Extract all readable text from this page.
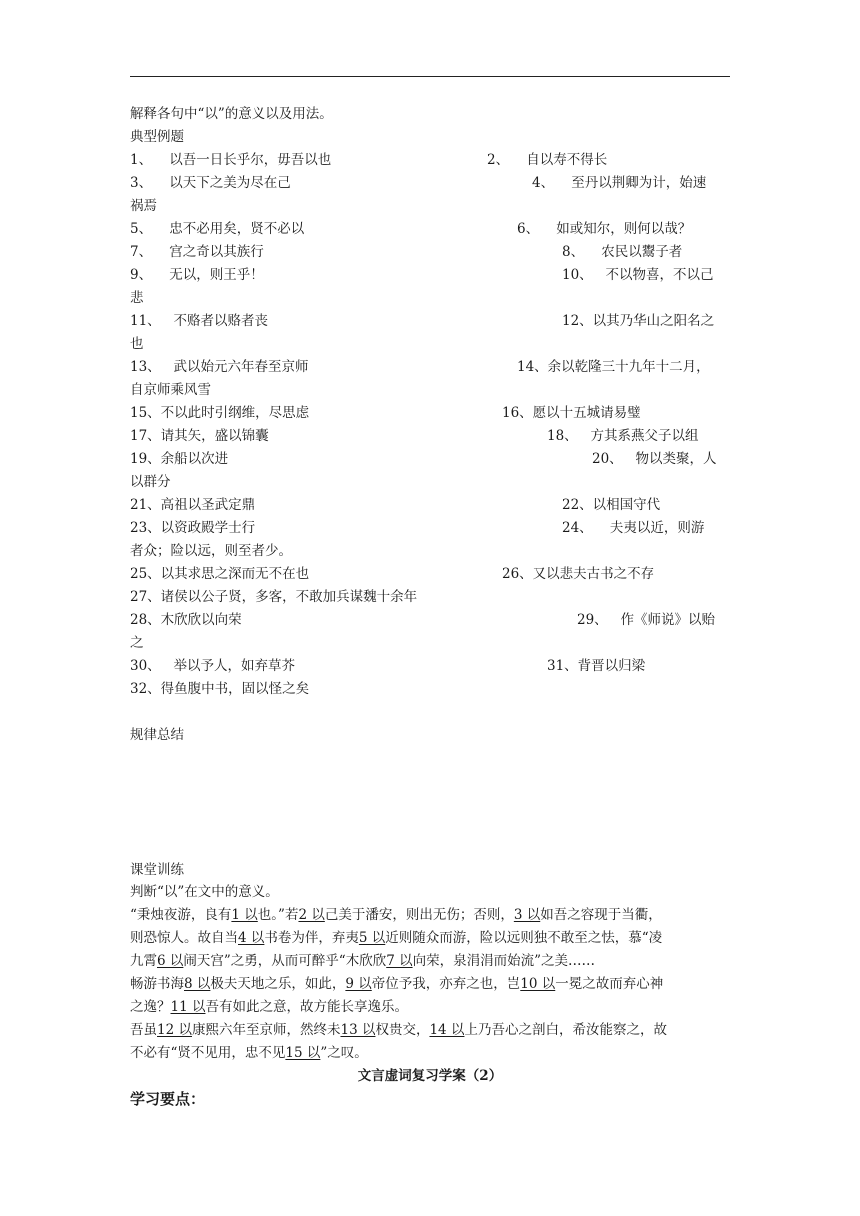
解释各句中“以”的意义以及用法。
典型例题
1、    以吾一日长乎尔，毋吾以也	2、    自以寿不得长
3、    以天下之美为尽在己	4、    至丹以荆卿为计，始速
祸焉
5、    忠不必用矣，贤不必以	6、    如或知尔，则何以哉？
7、    宫之奇以其族行	8、    农民以鬻子者
9、    无以，则王乎！	10、   不以物喜，不以己
悲
11、   不赂者以赂者丧	12、以其乃华山之阳名之
也
13、   武以始元六年春至京师	14、余以乾隆三十九年十二月，
自京师乘风雪
15、不以此时引纲维，尽思虑	16、愿以十五城请易璧
17、请其矢，盛以锦囊	18、   方其系燕父子以组
19、余船以次进	20、   物以类聚，人
以群分
21、高祖以圣武定鼎	22、以相国守代
23、以资政殿学士行	24、    夫夷以近，则游
者众；险以远，则至者少。
25、以其求思之深而无不在也	26、又以悲夫古书之不存
27、诸侯以公子贤，多客，不敢加兵谋魏十余年
28、木欣欣以向荣	29、   作《师说》以贻
之
30、   举以予人，如弃草芥	31、背晋以归梁
32、得鱼腹中书，固以怪之矣
规律总结
课堂训练
判断“以”在文中的意义。
“秉烛夜游，良有1 以也。”若2 以己美于潘安，则出无伤；否则，3 以如吾之容现于当衢，
则恐惊人。故自当4 以书卷为伴，弃夷5 以近则随众而游，险以远则独不敢至之怯，慕“凌
九霄6 以闹天宫”之勇，从而可醉乎“木欣欣7 以向荣，泉涓涓而始流”之美……
畅游书海8 以极夫天地之乐，如此，9 以帝位予我，亦弃之也，岂10 以一冕之故而弃心神
之逸？11 以吾有如此之意，故方能长享逸乐。
吾虽12 以康熙六年至京师，然终未13 以权贵交，14 以上乃吾心之剖白，希汝能察之，故
不必有“贤不见用，忠不见15 以”之叹。
文言虚词复习学案（2）
学习要点：
